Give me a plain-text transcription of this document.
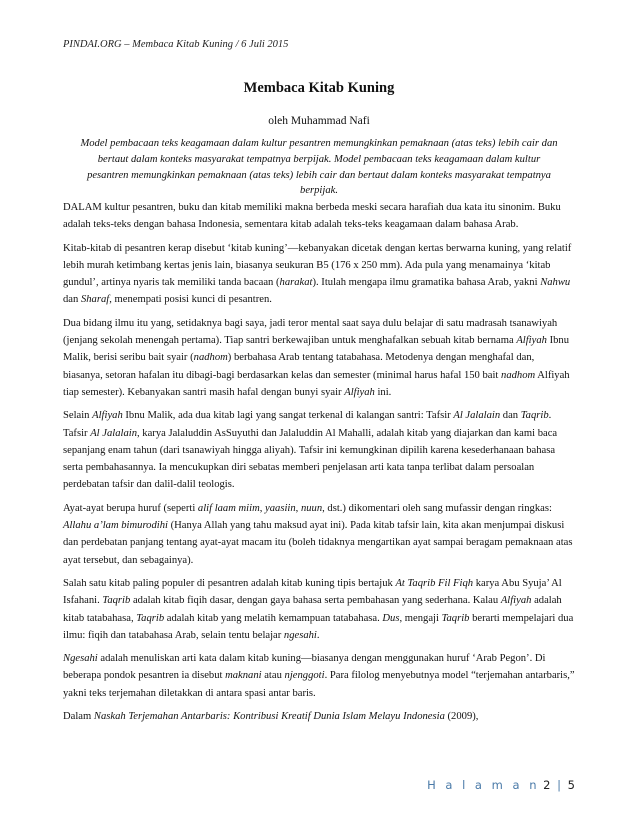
PINDAI.ORG – Membaca Kitab Kuning / 6 Juli 2015
Membaca Kitab Kuning
oleh Muhammad Nafi
Model pembacaan teks keagamaan dalam kultur pesantren memungkinkan pemaknaan (atas teks) lebih cair dan bertaut dalam konteks masyarakat tempatnya berpijak. Model pembacaan teks keagamaan dalam kultur pesantren memungkinkan pemaknaan (atas teks) lebih cair dan bertaut dalam konteks masyarakat tempatnya berpijak.

DALAM kultur pesantren, buku dan kitab memiliki makna berbeda meski secara harafiah dua kata itu sinonim. Buku adalah teks-teks dengan bahasa Indonesia, sementara kitab adalah teks-teks keagamaan dalam bahasa Arab.

Kitab-kitab di pesantren kerap disebut ‘kitab kuning’—kebanyakan dicetak dengan kertas berwarna kuning, yang relatif lebih murah ketimbang kertas jenis lain, biasanya seukuran B5 (176 x 250 mm). Ada pula yang menamainya ‘kitab gundul’, artinya nyaris tak memiliki tanda bacaan (harakat). Itulah mengapa ilmu gramatika bahasa Arab, yakni Nahwu dan Sharaf, menempati posisi kunci di pesantren.

Dua bidang ilmu itu yang, setidaknya bagi saya, jadi teror mental saat saya dulu belajar di satu madrasah tsanawiyah (jenjang sekolah menengah pertama). Tiap santri berkewajiban untuk menghafalkan sebuah kitab bernama Alfiyah Ibnu Malik, berisi seribu bait syair (nadhom) berbahasa Arab tentang tatabahasa. Metodenya dengan menghafal dan, biasanya, setoran hafalan itu dibagi-bagi berdasarkan kelas dan semester (minimal harus hafal 150 bait nadhom Alfiyah tiap semester). Kebanyakan santri masih hafal dengan bunyi syair Alfiyah ini.

Selain Alfiyah Ibnu Malik, ada dua kitab lagi yang sangat terkenal di kalangan santri: Tafsir Al Jalalain dan Taqrib. Tafsir Al Jalalain, karya Jalaluddin AsSuyuthi dan Jalaluddin Al Mahalli, adalah kitab yang diajarkan dan kami baca sepanjang enam tahun (dari tsanawiyah hingga aliyah). Tafsir ini kemungkinan dipilih karena kesederhanaan bahasa serta pembahasannya. Ia mencukupkan diri sebatas memberi penjelasan arti kata tanpa terlibat dalam persoalan perdebatan tafsir dan dalil-dalil teologis.

Ayat-ayat berupa huruf (seperti alif laam miim, yaasiin, nuun, dst.) dikomentari oleh sang mufassir dengan ringkas: Allahu a’lam bimurodihi (Hanya Allah yang tahu maksud ayat ini). Pada kitab tafsir lain, kita akan menjumpai diskusi dan perdebatan panjang tentang ayat-ayat macam itu (boleh tidaknya mengartikan ayat sampai beragam pemaknaan atas ayat tersebut, dan sebagainya).

Salah satu kitab paling populer di pesantren adalah kitab kuning tipis bertajuk At Taqrib Fil Fiqh karya Abu Syuja’ Al Isfahani. Taqrib adalah kitab fiqih dasar, dengan gaya bahasa serta pembahasan yang sederhana. Kalau Alfiyah adalah kitab tatabahasa, Taqrib adalah kitab yang melatih kemampuan tatabahasa. Dus, mengaji Taqrib berarti mempelajari dua ilmu: fiqih dan tatabahasa Arab, selain tentu belajar ngesahi.

Ngesahi adalah menuliskan arti kata dalam kitab kuning—biasanya dengan menggunakan huruf ‘Arab Pegon’. Di beberapa pondok pesantren ia disebut maknani atau njenggoti. Para filolog menyebutnya model “terjemahan antarbaris,” yakni teks terjemahan diletakkan di antara spasi antar baris.

Dalam Naskah Terjemahan Antarbaris: Kontribusi Kreatif Dunia Islam Melayu Indonesia (2009),

H a l a m a n 2 | 5
